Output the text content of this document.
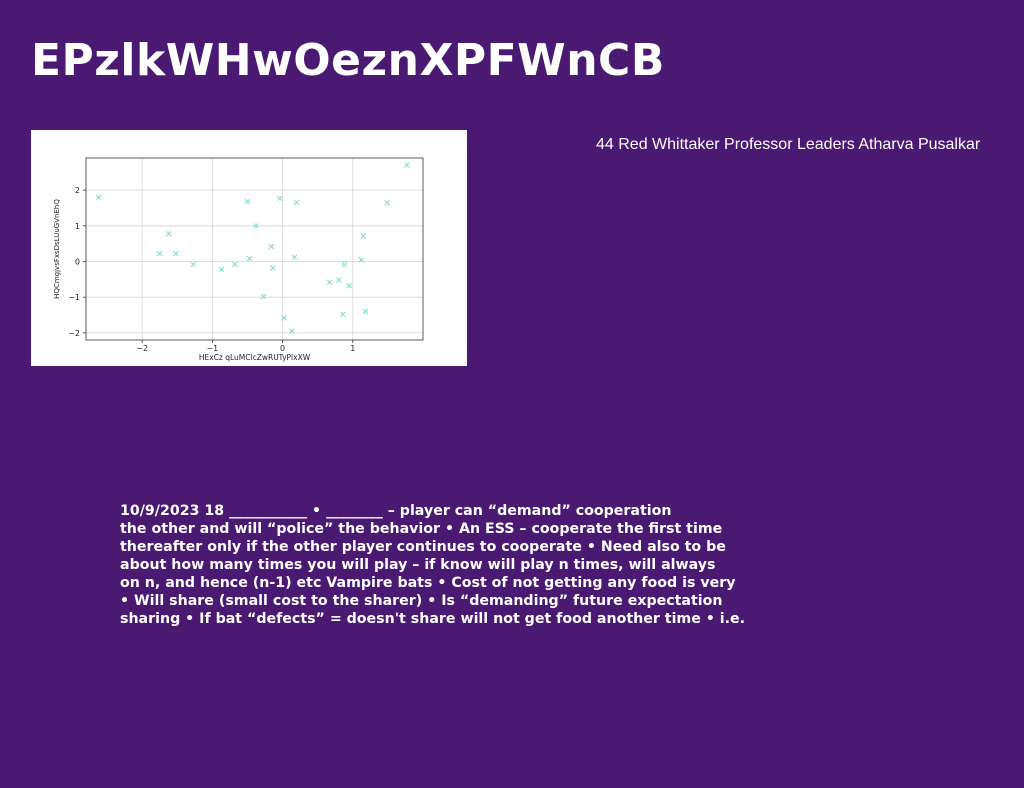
EPzlkWHwOeznXPFWnCB
−2	−1	0	1
−2
−1
0
1
2
HExCz qLuMClcZwRUTyPlxXW
HQCmgjvsFxsDsLUuGVnEhQ
44 Red Whittaker Professor Leaders Atharva Pusalkar
10/9/2023 18 ___________ • ________ – player can “demand” cooperation
the other and will “police” the behavior • An ESS – cooperate the first time
thereafter only if the other player continues to cooperate • Need also to be
about how many times you will play – if know will play n times, will always
on n, and hence (n-1) etc Vampire bats • Cost of not getting any food is very
• Will share (small cost to the sharer) • Is “demanding” future expectation
sharing • If bat “defects” = doesn't share will not get food another time • i.e.
